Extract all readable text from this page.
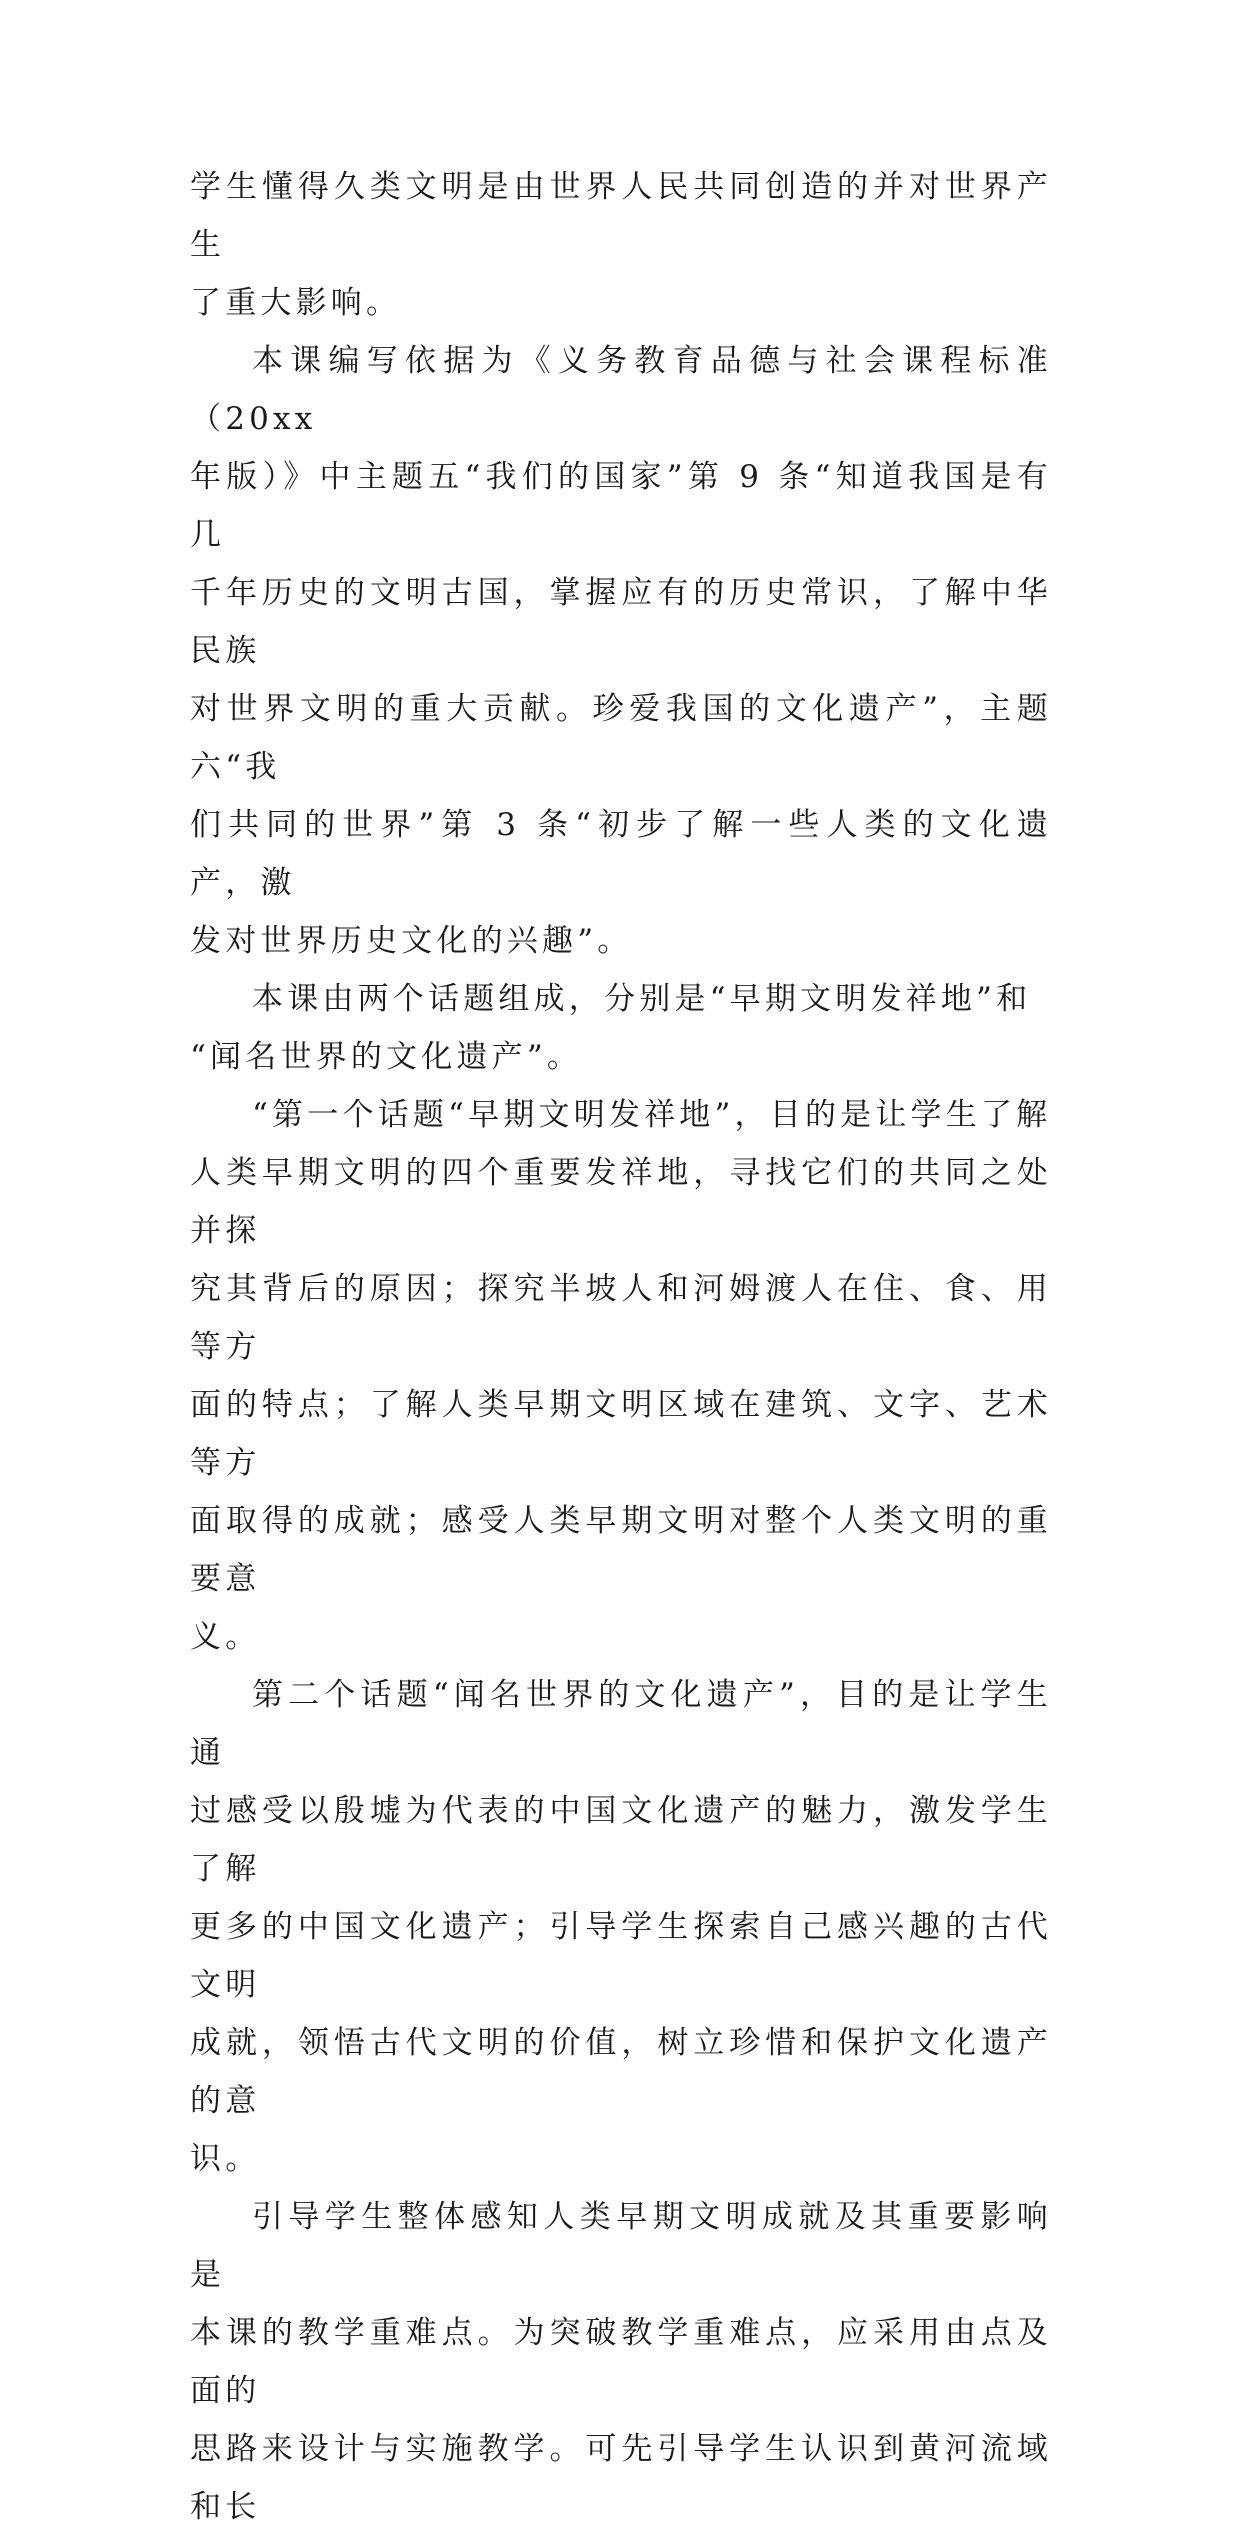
学生懂得久类文明是由世界人民共同创造的并对世界产生

了重大影响。

本课编写依据为《义务教育品德与社会课程标准（20xx

年版）》中主题五“我们的国家”第 9 条“知道我国是有几

千年历史的文明古国，掌握应有的历史常识，了解中华民族

对世界文明的重大贡献。珍爱我国的文化遗产”，主题六“我

们共同的世界”第 3 条“初步了解一些人类的文化遗产，激

发对世界历史文化的兴趣”。

本课由两个话题组成，分别是“早期文明发祥地”和

“闻名世界的文化遗产”。

“第一个话题“早期文明发祥地”，目的是让学生了解

人类早期文明的四个重要发祥地，寻找它们的共同之处并探

究其背后的原因；探究半坡人和河姆渡人在住、食、用等方

面的特点；了解人类早期文明区域在建筑、文字、艺术等方

面取得的成就；感受人类早期文明对整个人类文明的重要意

义。

第二个话题“闻名世界的文化遗产”，目的是让学生通

过感受以殷墟为代表的中国文化遗产的魅力，激发学生了解

更多的中国文化遗产；引导学生探索自己感兴趣的古代文明

成就，领悟古代文明的价值，树立珍惜和保护文化遗产的意

识。

引导学生整体感知人类早期文明成就及其重要影响是

本课的教学重难点。为突破教学重难点，应采用由点及面的

思路来设计与实施教学。可先引导学生认识到黄河流域和长
